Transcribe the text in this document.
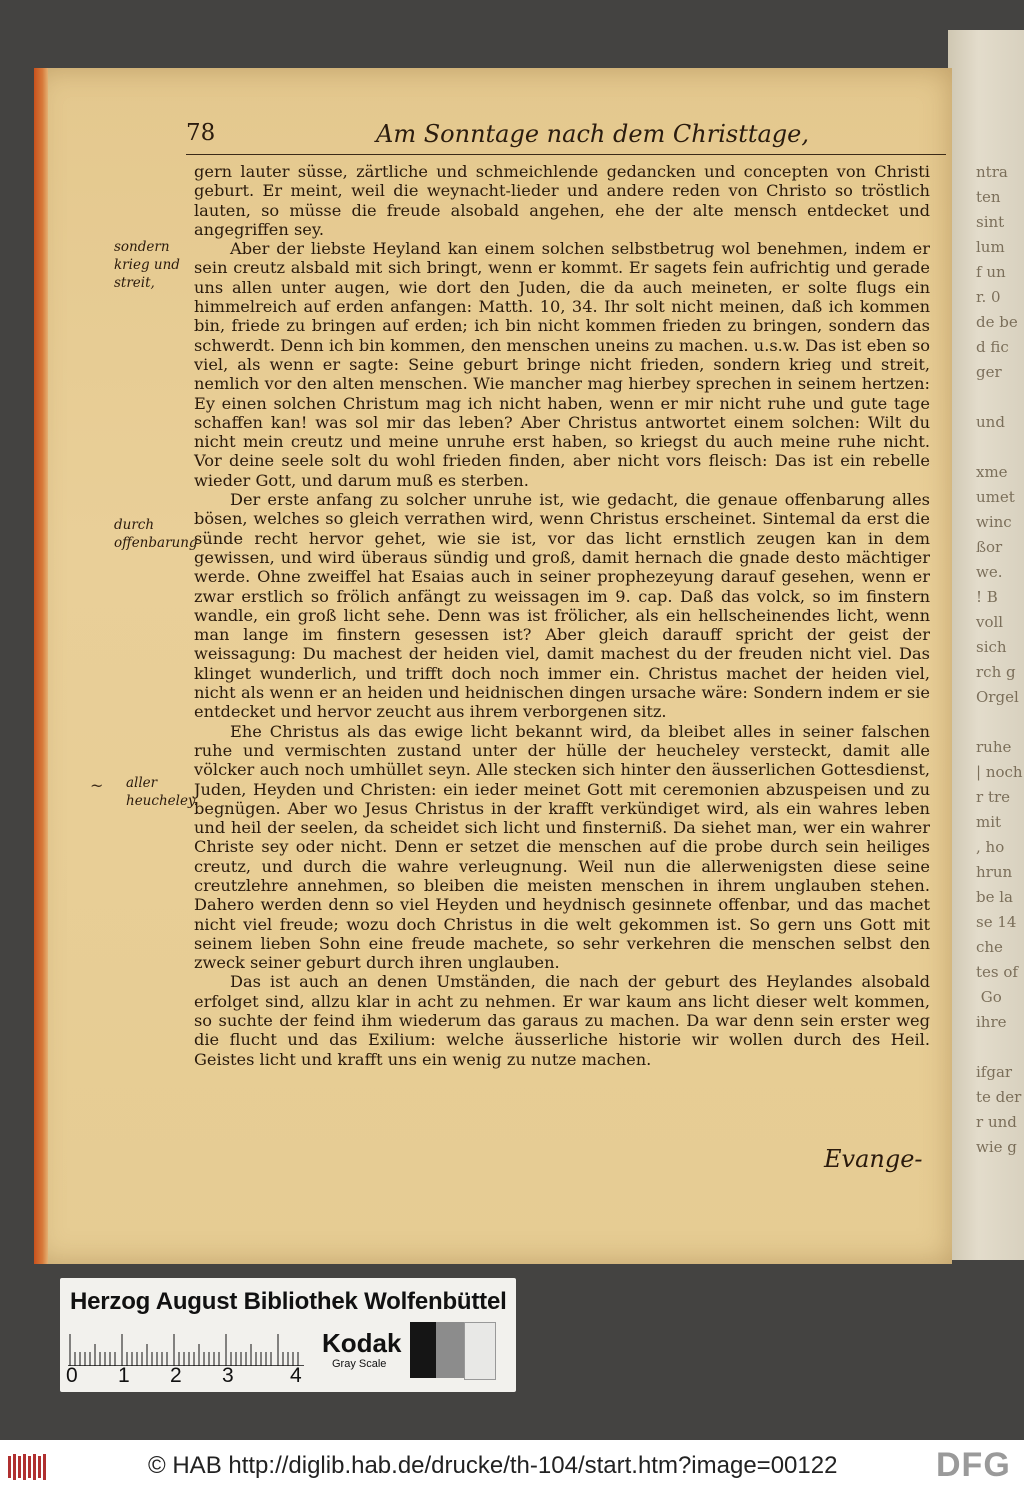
ntra
ten
sint
lum
f un
r. 0
de be
d fic
ger

und

xme
umet
winc
ßor
we.
! B
voll
sich
rch g
Orgel

ruhe
| noch
r tre
mit
, ho
hrun
be la
se 14
che
tes of
Go
ihre

ifgar
te der
r und
wie g
78	Am Sonntage nach dem Christtage,
sondern krieg und streit,
durch offenbarung
aller heucheley.
~

gern lauter süsse, zärtliche und schmeichlende gedancken und concepten von Christi geburt. Er meint, weil die weynacht-lieder und andere reden von Christo so tröstlich lauten, so müsse die freude alsobald angehen, ehe der alte mensch entdecket und angegriffen sey.

Aber der liebste Heyland kan einem solchen selbstbetrug wol benehmen, indem er sein creutz alsbald mit sich bringt, wenn er kommt. Er sagets fein aufrichtig und gerade uns allen unter augen, wie dort den Juden, die da auch meineten, er solte flugs ein himmelreich auf erden anfangen: Matth. 10, 34. Ihr solt nicht meinen, daß ich kommen bin, friede zu bringen auf erden; ich bin nicht kommen frieden zu bringen, sondern das schwerdt. Denn ich bin kommen, den menschen uneins zu machen. u.s.w. Das ist eben so viel, als wenn er sagte: Seine geburt bringe nicht frieden, sondern krieg und streit, nemlich vor den alten menschen. Wie mancher mag hierbey sprechen in seinem hertzen: Ey einen solchen Christum mag ich nicht haben, wenn er mir nicht ruhe und gute tage schaffen kan! was sol mir das leben? Aber Christus antwortet einem solchen: Wilt du nicht mein creutz und meine unruhe erst haben, so kriegst du auch meine ruhe nicht. Vor deine seele solt du wohl frieden finden, aber nicht vors fleisch: Das ist ein rebelle wieder Gott, und darum muß es sterben.

Der erste anfang zu solcher unruhe ist, wie gedacht, die genaue offenbarung alles bösen, welches so gleich verrathen wird, wenn Christus erscheinet. Sintemal da erst die sünde recht hervor gehet, wie sie ist, vor das licht ernstlich zeugen kan in dem gewissen, und wird überaus sündig und groß, damit hernach die gnade desto mächtiger werde. Ohne zweiffel hat Esaias auch in seiner prophezeyung darauf gesehen, wenn er zwar erstlich so frölich anfängt zu weissagen im 9. cap. Daß das volck, so im finstern wandle, ein groß licht sehe. Denn was ist frölicher, als ein hellscheinendes licht, wenn man lange im finstern gesessen ist? Aber gleich darauff spricht der geist der weissagung: Du machest der heiden viel, damit machest du der freuden nicht viel. Das klinget wunderlich, und trifft doch noch immer ein. Christus machet der heiden viel, nicht als wenn er an heiden und heidnischen dingen ursache wäre: Sondern indem er sie entdecket und hervor zeucht aus ihrem verborgenen sitz.

Ehe Christus als das ewige licht bekannt wird, da bleibet alles in seiner falschen ruhe und vermischten zustand unter der hülle der heucheley versteckt, damit alle völcker auch noch umhüllet seyn. Alle stecken sich hinter den äusserlichen Gottesdienst, Juden, Heyden und Christen: ein ieder meinet Gott mit ceremonien abzuspeisen und zu begnügen. Aber wo Jesus Christus in der krafft verkündiget wird, als ein wahres leben und heil der seelen, da scheidet sich licht und finsterniß. Da siehet man, wer ein wahrer Christe sey oder nicht. Denn er setzet die menschen auf die probe durch sein heiliges creutz, und durch die wahre verleugnung. Weil nun die allerwenigsten diese seine creutzlehre annehmen, so bleiben die meisten menschen in ihrem unglauben stehen. Dahero werden denn so viel Heyden und heydnisch gesinnete offenbar, und das machet nicht viel freude; wozu doch Christus in die welt gekommen ist. So gern uns Gott mit seinem lieben Sohn eine freude machete, so sehr verkehren die menschen selbst den zweck seiner geburt durch ihren unglauben.

Das ist auch an denen Umständen, die nach der geburt des Heylandes alsobald erfolget sind, allzu klar in acht zu nehmen. Er war kaum ans licht dieser welt kommen, so suchte der feind ihm wiederum das garaus zu machen. Da war denn sein erster weg die flucht und das Exilium: welche äusserliche historie wir wollen durch des Heil. Geistes licht und krafft uns ein wenig zu nutze machen.

Evange-
Herzog August Bibliothek Wolfenbüttel
0 1 2 3	4
Kodak
Gray Scale
© HAB http://diglib.hab.de/drucke/th-104/start.htm?image=00122	DFG
